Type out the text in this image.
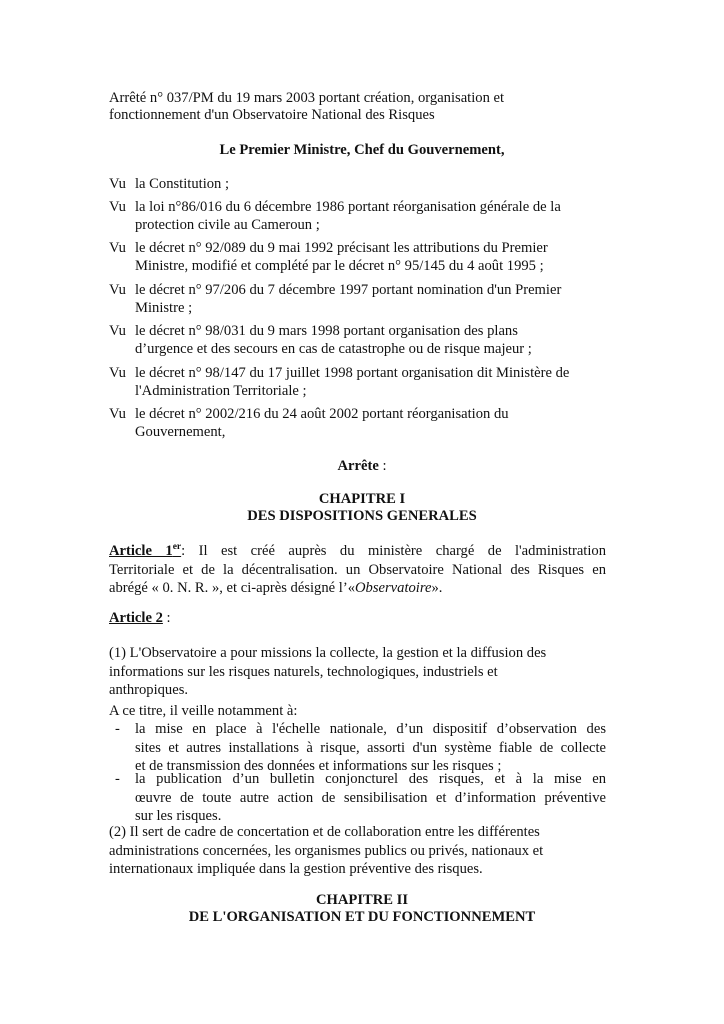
Arrêté n° 037/PM du 19 mars 2003 portant création, organisation et

fonctionnement d'un Observatoire National des Risques

Le Premier Ministre, Chef du Gouvernement,

Vu la Constitution ;
Vu la loi n°86/016 du 6 décembre 1986 portant réorganisation générale de la
protection civile au Cameroun ;
Vu le décret n° 92/089 du 9 mai 1992 précisant les attributions du Premier
Ministre, modifié et complété par le décret n° 95/145 du 4 août 1995 ;
Vu le décret n° 97/206 du 7 décembre 1997 portant nomination d'un Premier
Ministre ;
Vu le décret n° 98/031 du 9 mars 1998 portant organisation des plans
d’urgence et des secours en cas de catastrophe ou de risque majeur ;
Vu le décret n° 98/147 du 17 juillet 1998 portant organisation dit Ministère de
l'Administration Territoriale ;
Vu le décret n° 2002/216 du 24 août 2002 portant réorganisation du
Gouvernement,

Arrête :

CHAPITRE I

DES DISPOSITIONS GENERALES

Article 1er: Il est créé auprès du ministère chargé de l'administration
Territoriale et de la décentralisation. un Observatoire National des Risques en
abrégé « 0. N. R. », et ci-après désigné l’«Observatoire».

Article 2 :

(1) L'Observatoire a pour missions la collecte, la gestion et la diffusion des
informations sur les risques naturels, technologiques, industriels et
anthropiques.

A ce titre, il veille notamment à:

- la mise en place à l'échelle nationale, d’un dispositif d’observation des
sites et autres installations à risque, assorti d'un système fiable de collecte
et de transmission des données et informations sur les risques ;
- la publication d’un bulletin conjoncturel des risques, et à la mise en
œuvre de toute autre action de sensibilisation et d’information préventive
sur les risques.
(2) Il sert de cadre de concertation et de collaboration entre les différentes
administrations concernées, les organismes publics ou privés, nationaux et
internationaux impliquée dans la gestion préventive des risques.

CHAPITRE II

DE L'ORGANISATION ET DU FONCTIONNEMENT
